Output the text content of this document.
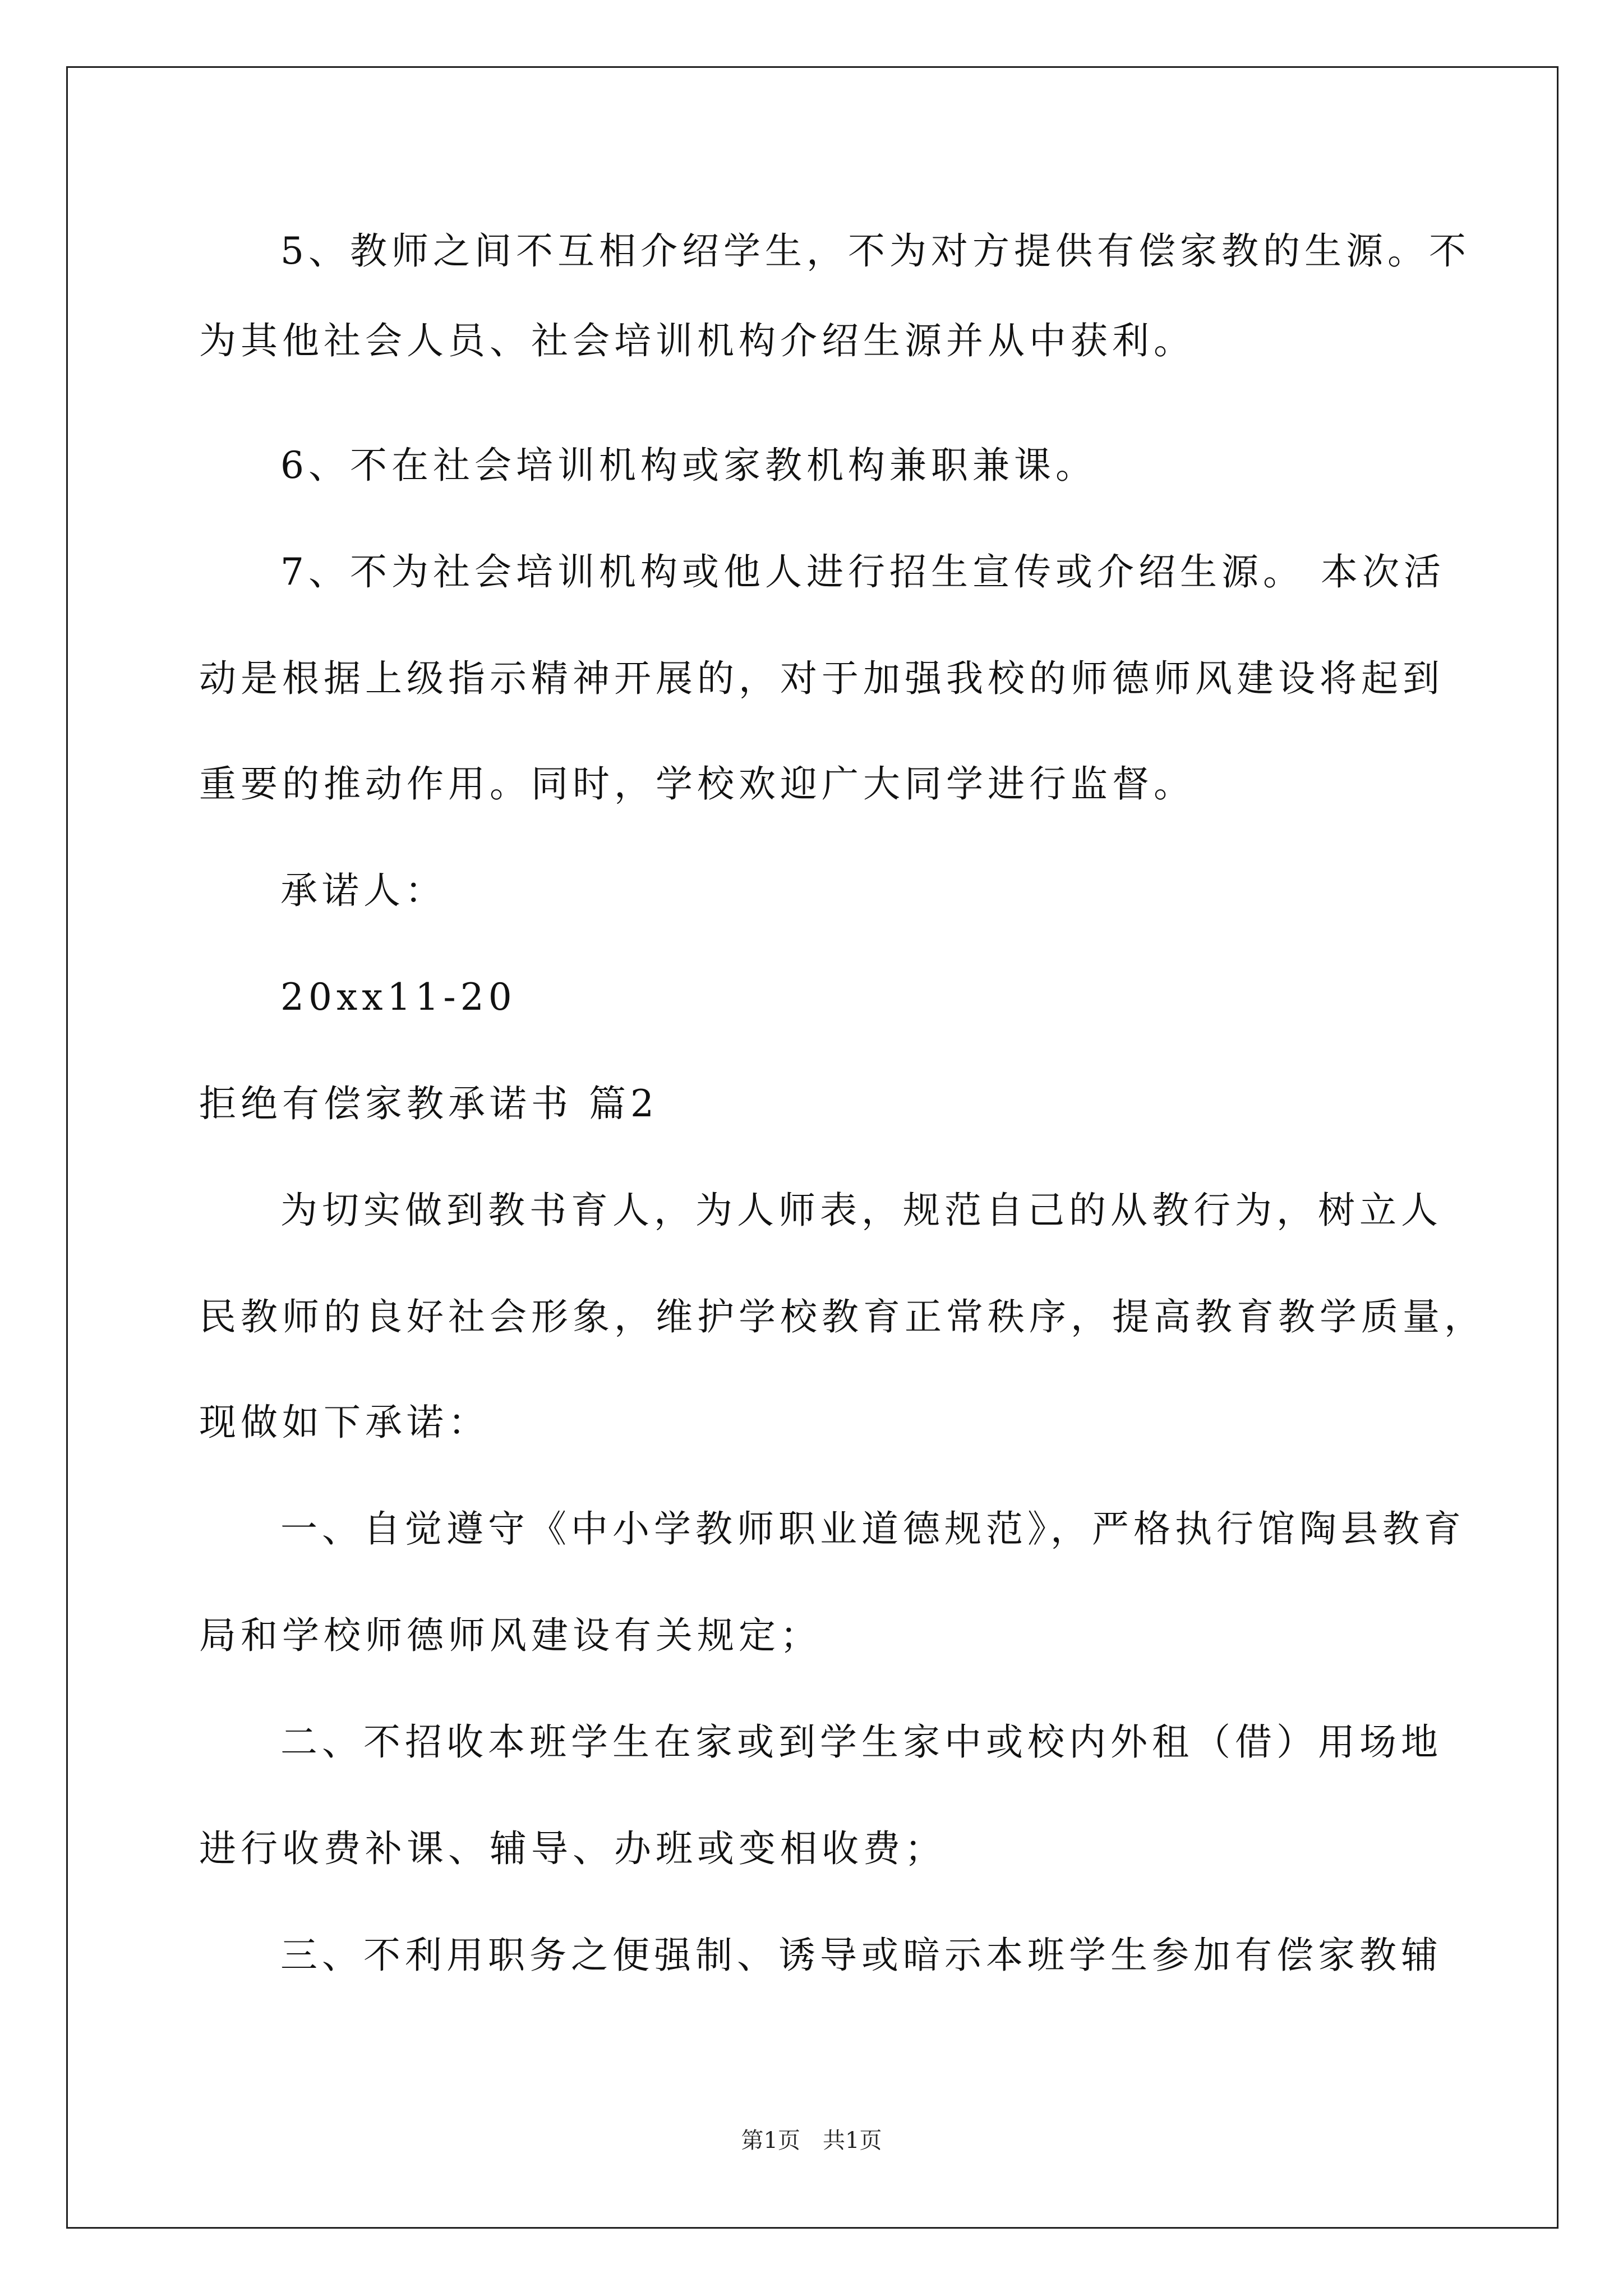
5、教师之间不互相介绍学生，不为对方提供有偿家教的生源。不
为其他社会人员、社会培训机构介绍生源并从中获利。
6、不在社会培训机构或家教机构兼职兼课。
7、不为社会培训机构或他人进行招生宣传或介绍生源。 本次活
动是根据上级指示精神开展的，对于加强我校的师德师风建设将起到
重要的推动作用。同时，学校欢迎广大同学进行监督。
承诺人：
20xx11-20
拒绝有偿家教承诺书 篇2
为切实做到教书育人，为人师表，规范自己的从教行为，树立人
民教师的良好社会形象，维护学校教育正常秩序，提高教育教学质量，
现做如下承诺：
一、自觉遵守《中小学教师职业道德规范》，严格执行馆陶县教育
局和学校师德师风建设有关规定；
二、不招收本班学生在家或到学生家中或校内外租（借）用场地
进行收费补课、辅导、办班或变相收费；
三、不利用职务之便强制、诱导或暗示本班学生参加有偿家教辅
第1页　共1页
